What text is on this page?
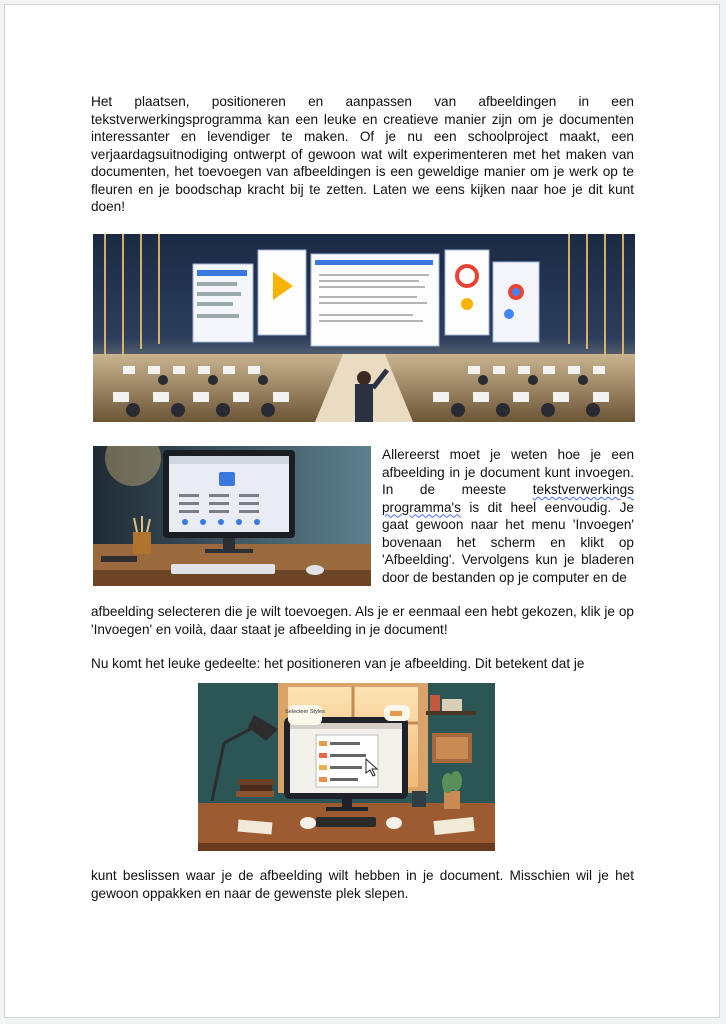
Het plaatsen, positioneren en aanpassen van afbeeldingen in een tekstverwerkingsprogramma kan een leuke en creatieve manier zijn om je documenten interessanter en levendiger te maken. Of je nu een schoolproject maakt, een verjaardagsuitnodiging ontwerpt of gewoon wat wilt experimenteren met het maken van documenten, het toevoegen van afbeeldingen is een geweldige manier om je werk op te fleuren en je boodschap kracht bij te zetten. Laten we eens kijken naar hoe je dit kunt doen!

Allereerst moet je weten hoe je een afbeelding in je document kunt invoegen. In de meeste tekstverwerkings programma's is dit heel eenvoudig. Je gaat gewoon naar het menu 'Invoegen' bovenaan het scherm en klikt op 'Afbeelding'. Vervolgens kun je bladeren door de bestanden op je computer en de

afbeelding selecteren die je wilt toevoegen. Als je er eenmaal een hebt gekozen, klik je op 'Invoegen' en voilà, daar staat je afbeelding in je document!

Nu komt het leuke gedeelte: het positioneren van je afbeelding. Dit betekent dat je

Selecteer Styles

kunt beslissen waar je de afbeelding wilt hebben in je document. Misschien wil je het gewoon oppakken en naar de gewenste plek slepen.
